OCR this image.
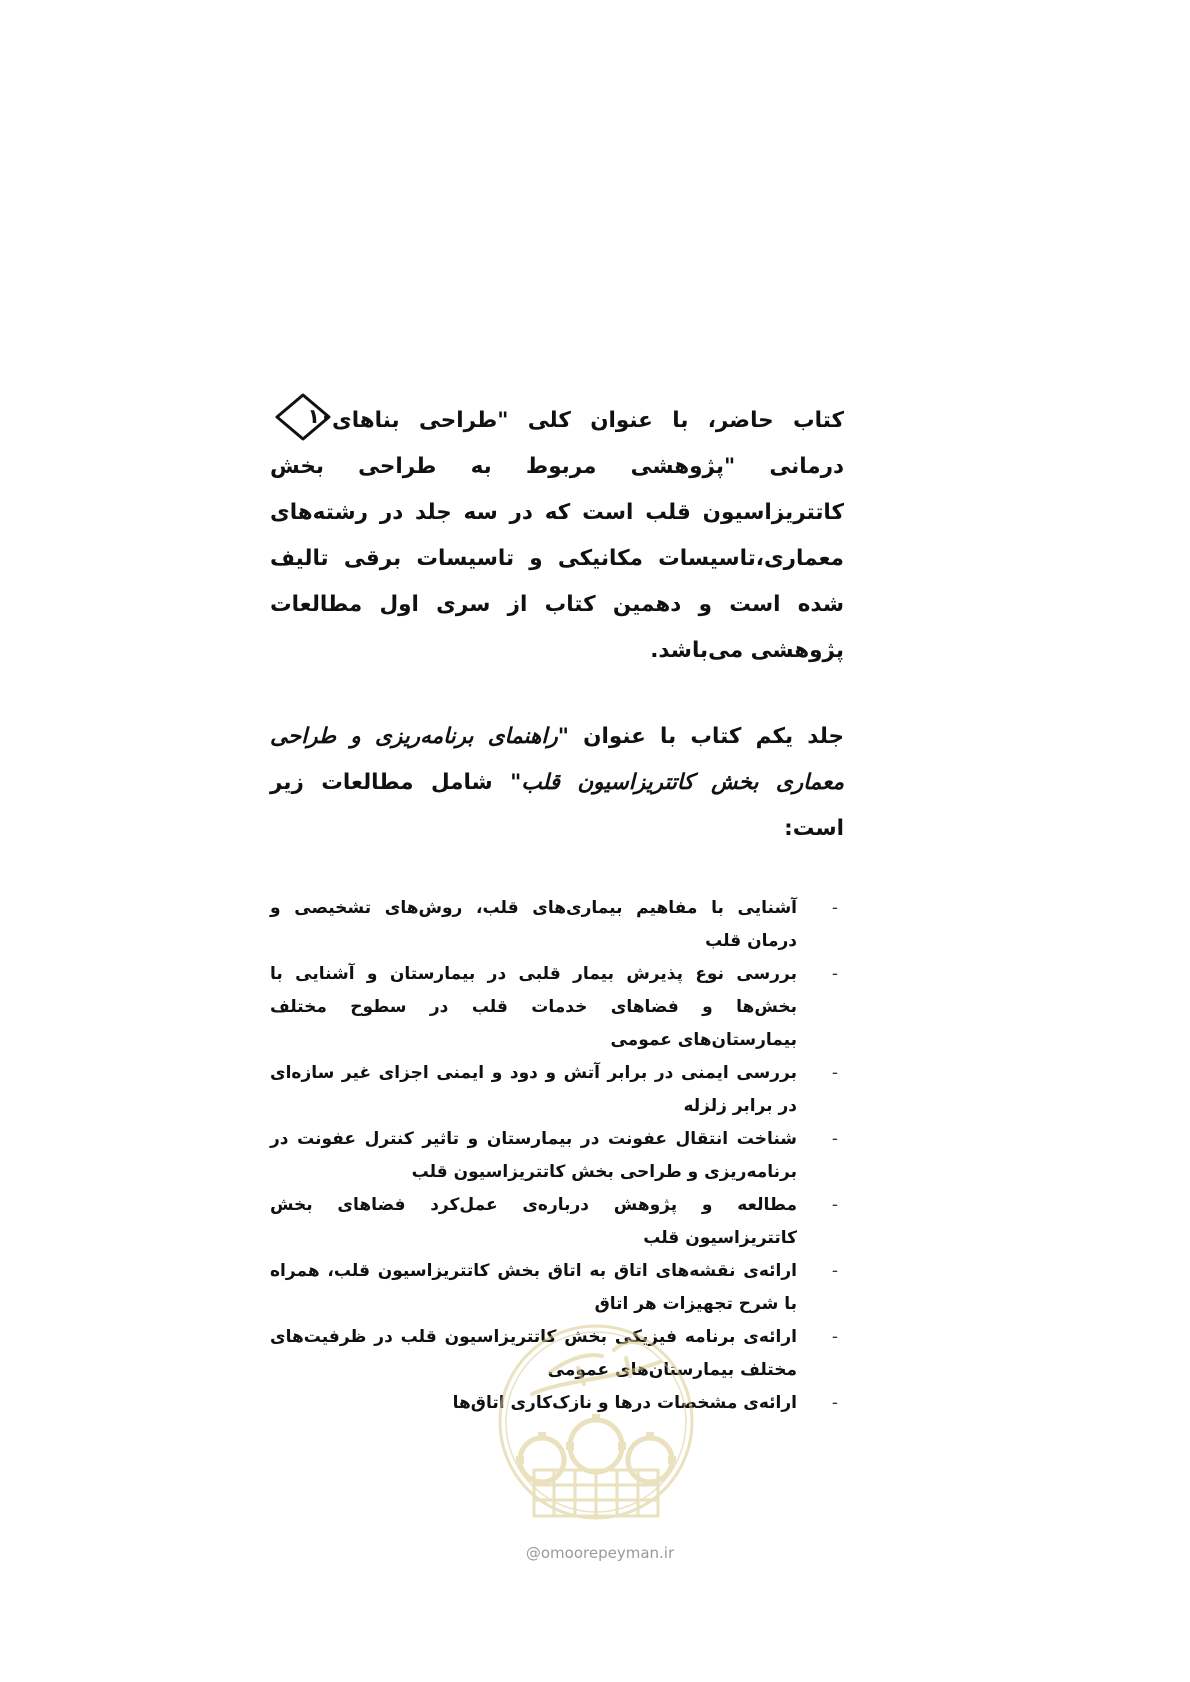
۱۰ کتاب حاضر، با عنوان کلی "طراحی بناهای درمانی "پژوهشی مربوط به طراحی بخش کاتتریزاسیون قلب است که در سه جلد در رشته‌های معماری،تاسیسات مکانیکی و تاسیسات برقی تالیف شده است و دهمین کتاب از سری اول مطالعات پژوهشی می‌باشد.

جلد یکم کتاب با عنوان "راهنمای برنامه‌ریزی و طراحی معماری بخش کاتتریزاسیون قلب" شامل مطالعات زیر است:

-
آشنایی با مفاهیم بیماری‌های قلب، روش‌های تشخیصی و درمان قلب
-
بررسی نوع پذیرش بیمار قلبی در بیمارستان و آشنایی با بخش‌ها و فضاهای خدمات قلب در سطوح مختلف بیمارستان‌های عمومی
-
بررسی ایمنی در برابر آتش و دود و ایمنی اجزای غیر سازه‌ای در برابر زلزله
-
شناخت انتقال عفونت در بیمارستان و تاثیر کنترل عفونت در برنامه‌ریزی و طراحی بخش کاتتریزاسیون قلب
-
مطالعه و پژوهش درباره‌ی عمل‌کرد فضاهای بخش کاتتریزاسیون قلب
-
ارائه‌ی نقشه‌های اتاق به اتاق بخش کاتتریزاسیون قلب، همراه با شرح تجهیزات هر اتاق
-
ارائه‌ی برنامه فیزیکی بخش کاتتریزاسیون قلب در ظرفیت‌های مختلف بیمارستان‌های عمومی
-
ارائه‌ی مشخصات درها و نازک‌کاری اتاق‌ها
@omoorepeyman.ir
